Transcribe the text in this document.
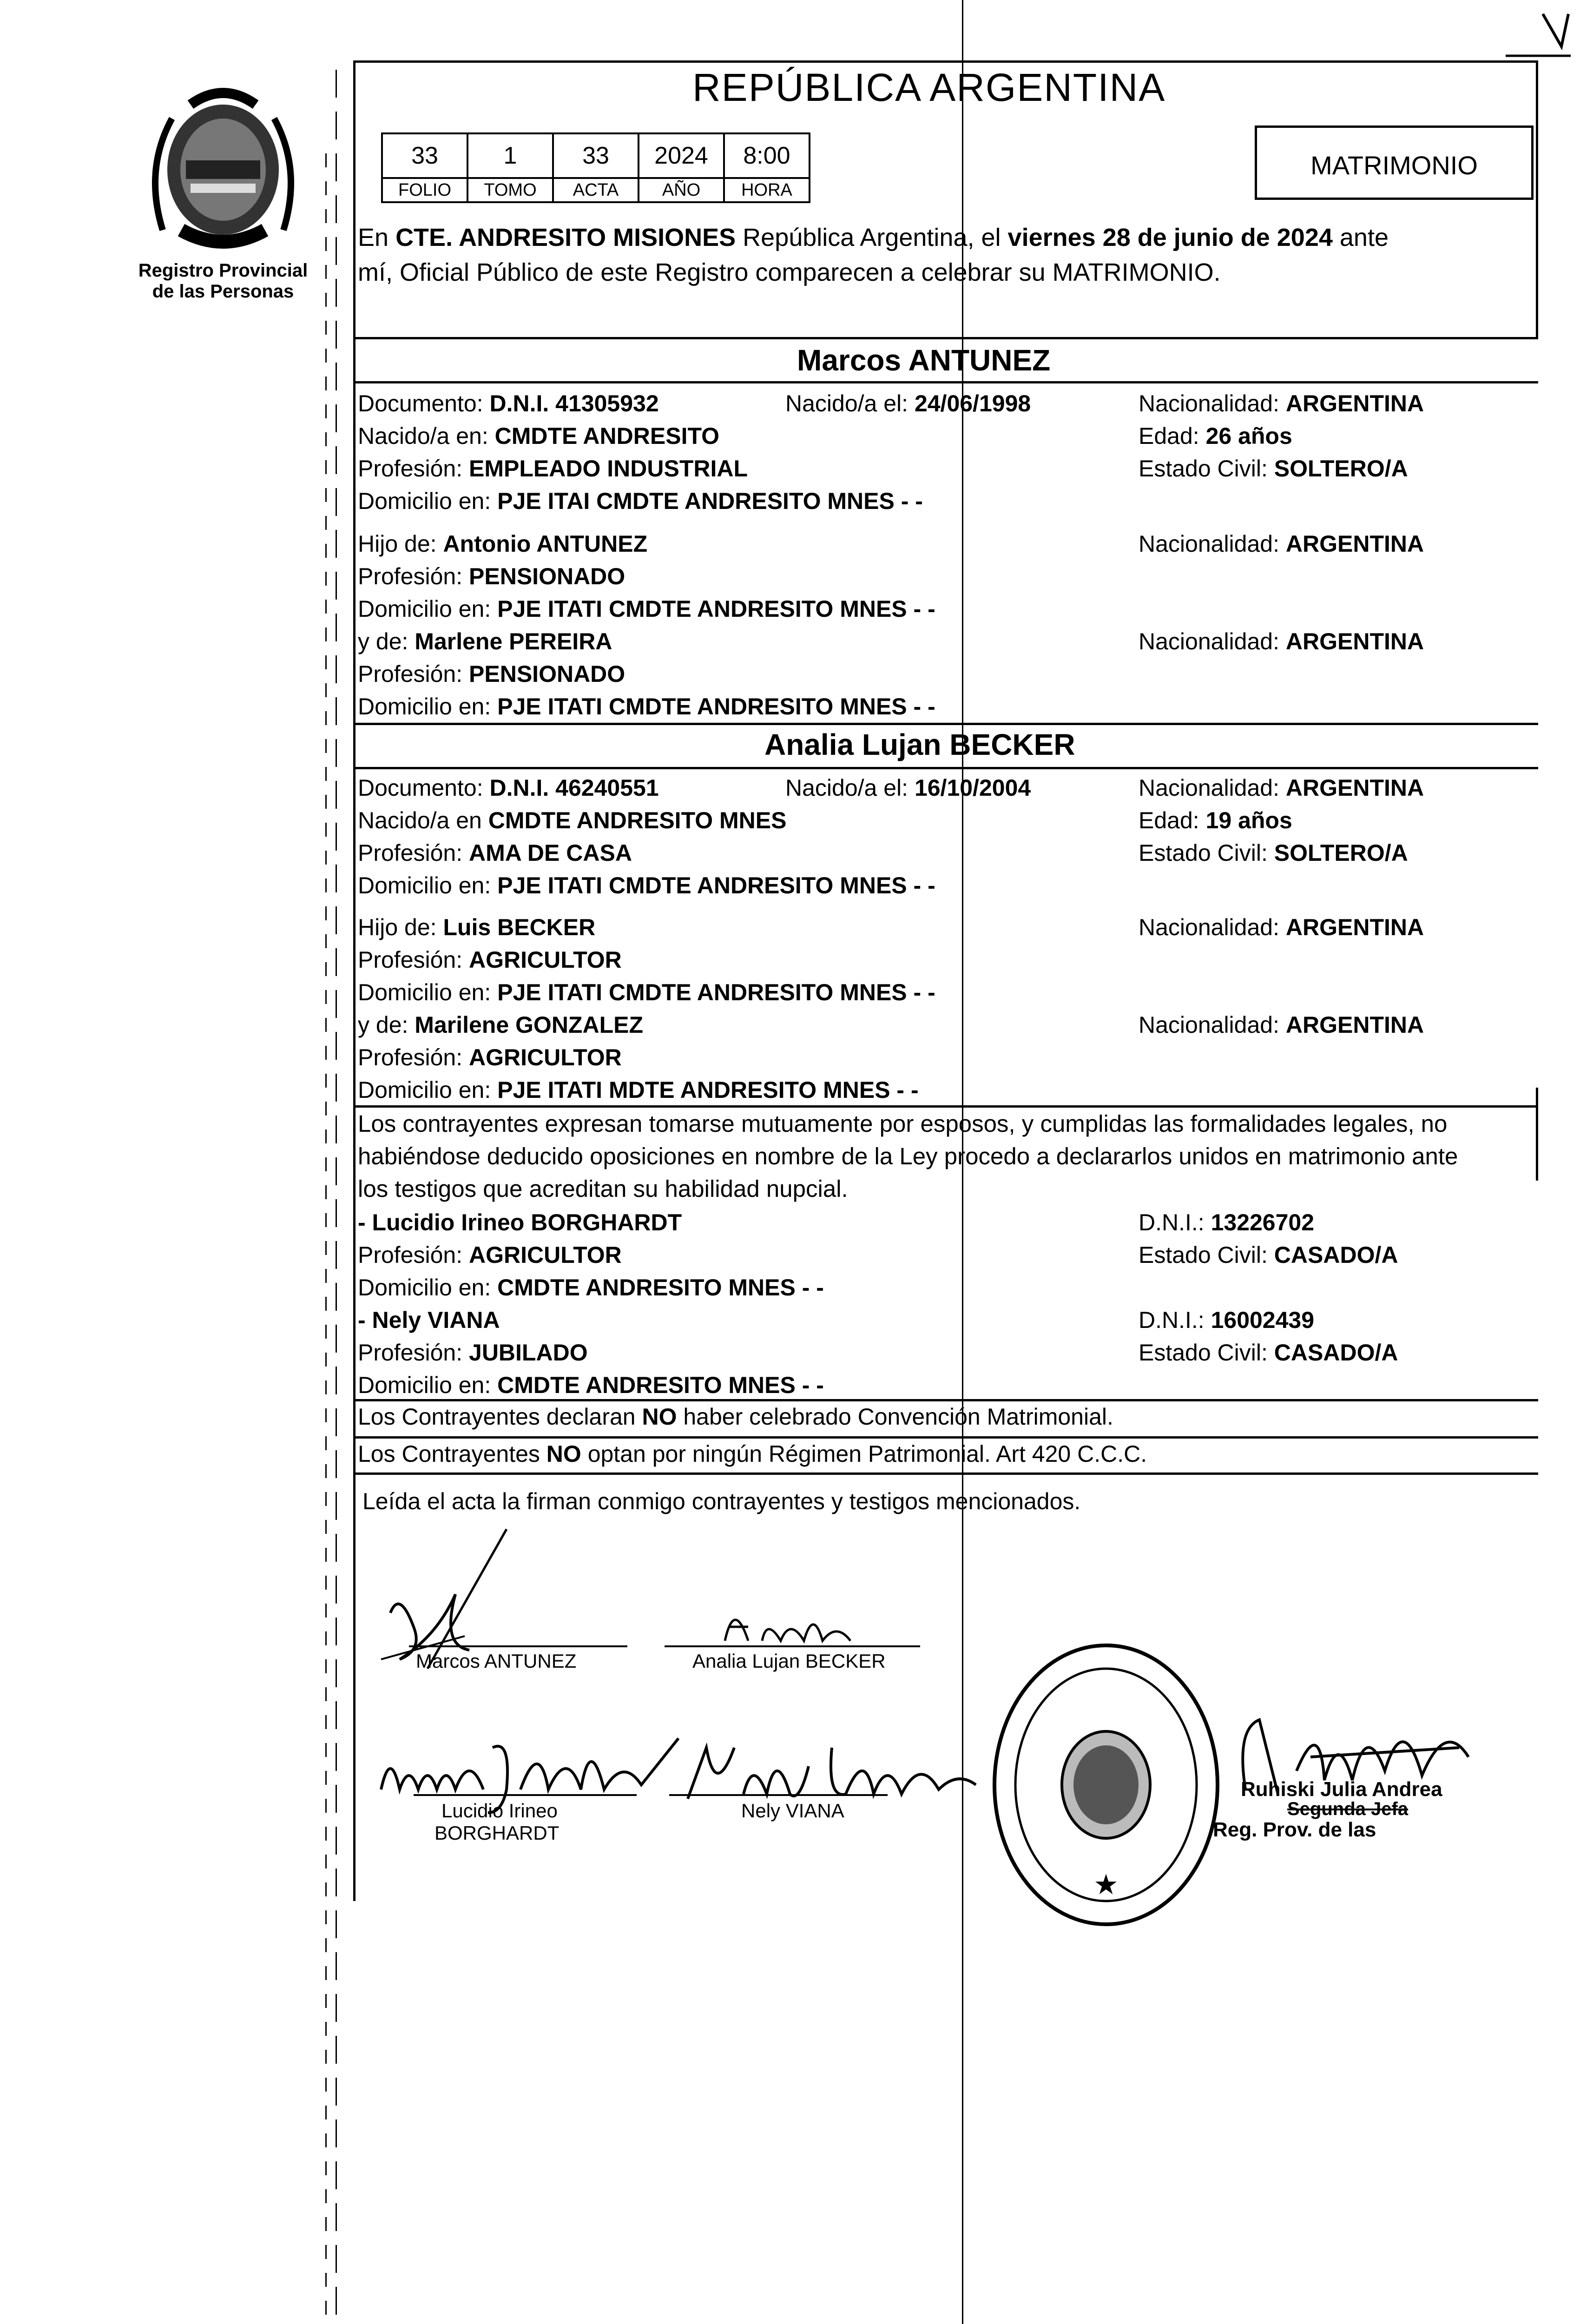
Registro Provincial
de las Personas
REPÚBLICA ARGENTINA
33	1	33	2024	8:00
FOLIO	TOMO	ACTA	AÑO	HORA
MATRIMONIO
En CTE. ANDRESITO MISIONES República Argentina, el viernes 28 de junio de 2024 ante
mí, Oficial Público de este Registro comparecen a celebrar su MATRIMONIO.
Marcos ANTUNEZ
Documento: D.N.I. 41305932	Nacido/a el: 24/06/1998	Nacionalidad: ARGENTINA
Nacido/a en: CMDTE ANDRESITO	Edad: 26 años
Profesión: EMPLEADO INDUSTRIAL	Estado Civil: SOLTERO/A
Domicilio en: PJE ITAI CMDTE ANDRESITO MNES - -
Hijo de: Antonio ANTUNEZ	Nacionalidad: ARGENTINA
Profesión: PENSIONADO
Domicilio en: PJE ITATI CMDTE ANDRESITO MNES - -
y de: Marlene PEREIRA	Nacionalidad: ARGENTINA
Profesión: PENSIONADO
Domicilio en: PJE ITATI CMDTE ANDRESITO MNES - -
Analia Lujan BECKER
Documento: D.N.I. 46240551	Nacido/a el: 16/10/2004	Nacionalidad: ARGENTINA
Nacido/a en CMDTE ANDRESITO MNES	Edad: 19 años
Profesión: AMA DE CASA	Estado Civil: SOLTERO/A
Domicilio en: PJE ITATI CMDTE ANDRESITO MNES - -
Hijo de: Luis BECKER	Nacionalidad: ARGENTINA
Profesión: AGRICULTOR
Domicilio en: PJE ITATI CMDTE ANDRESITO MNES - -
y de: Marilene GONZALEZ	Nacionalidad: ARGENTINA
Profesión: AGRICULTOR
Domicilio en: PJE ITATI MDTE ANDRESITO MNES - -
Los contrayentes expresan tomarse mutuamente por esposos, y cumplidas las formalidades legales, no
habiéndose deducido oposiciones en nombre de la Ley procedo a declararlos unidos en matrimonio ante
los testigos que acreditan su habilidad nupcial.
- Lucidio Irineo BORGHARDT	D.N.I.: 13226702
Profesión: AGRICULTOR	Estado Civil: CASADO/A
Domicilio en: CMDTE ANDRESITO MNES - -
- Nely VIANA	D.N.I.: 16002439
Profesión: JUBILADO	Estado Civil: CASADO/A
Domicilio en: CMDTE ANDRESITO MNES - -
Los Contrayentes declaran NO haber celebrado Convención Matrimonial.
Los Contrayentes NO optan por ningún Régimen Patrimonial. Art 420 C.C.C.
Leída el acta la firman conmigo contrayentes y testigos mencionados.
Marcos ANTUNEZ	Analia Lujan BECKER
Lucidio Irineo
BORGHARDT
Nely VIANA
★
Ruhiski Julia Andrea
Segunda Jefa
Reg. Prov. de las
